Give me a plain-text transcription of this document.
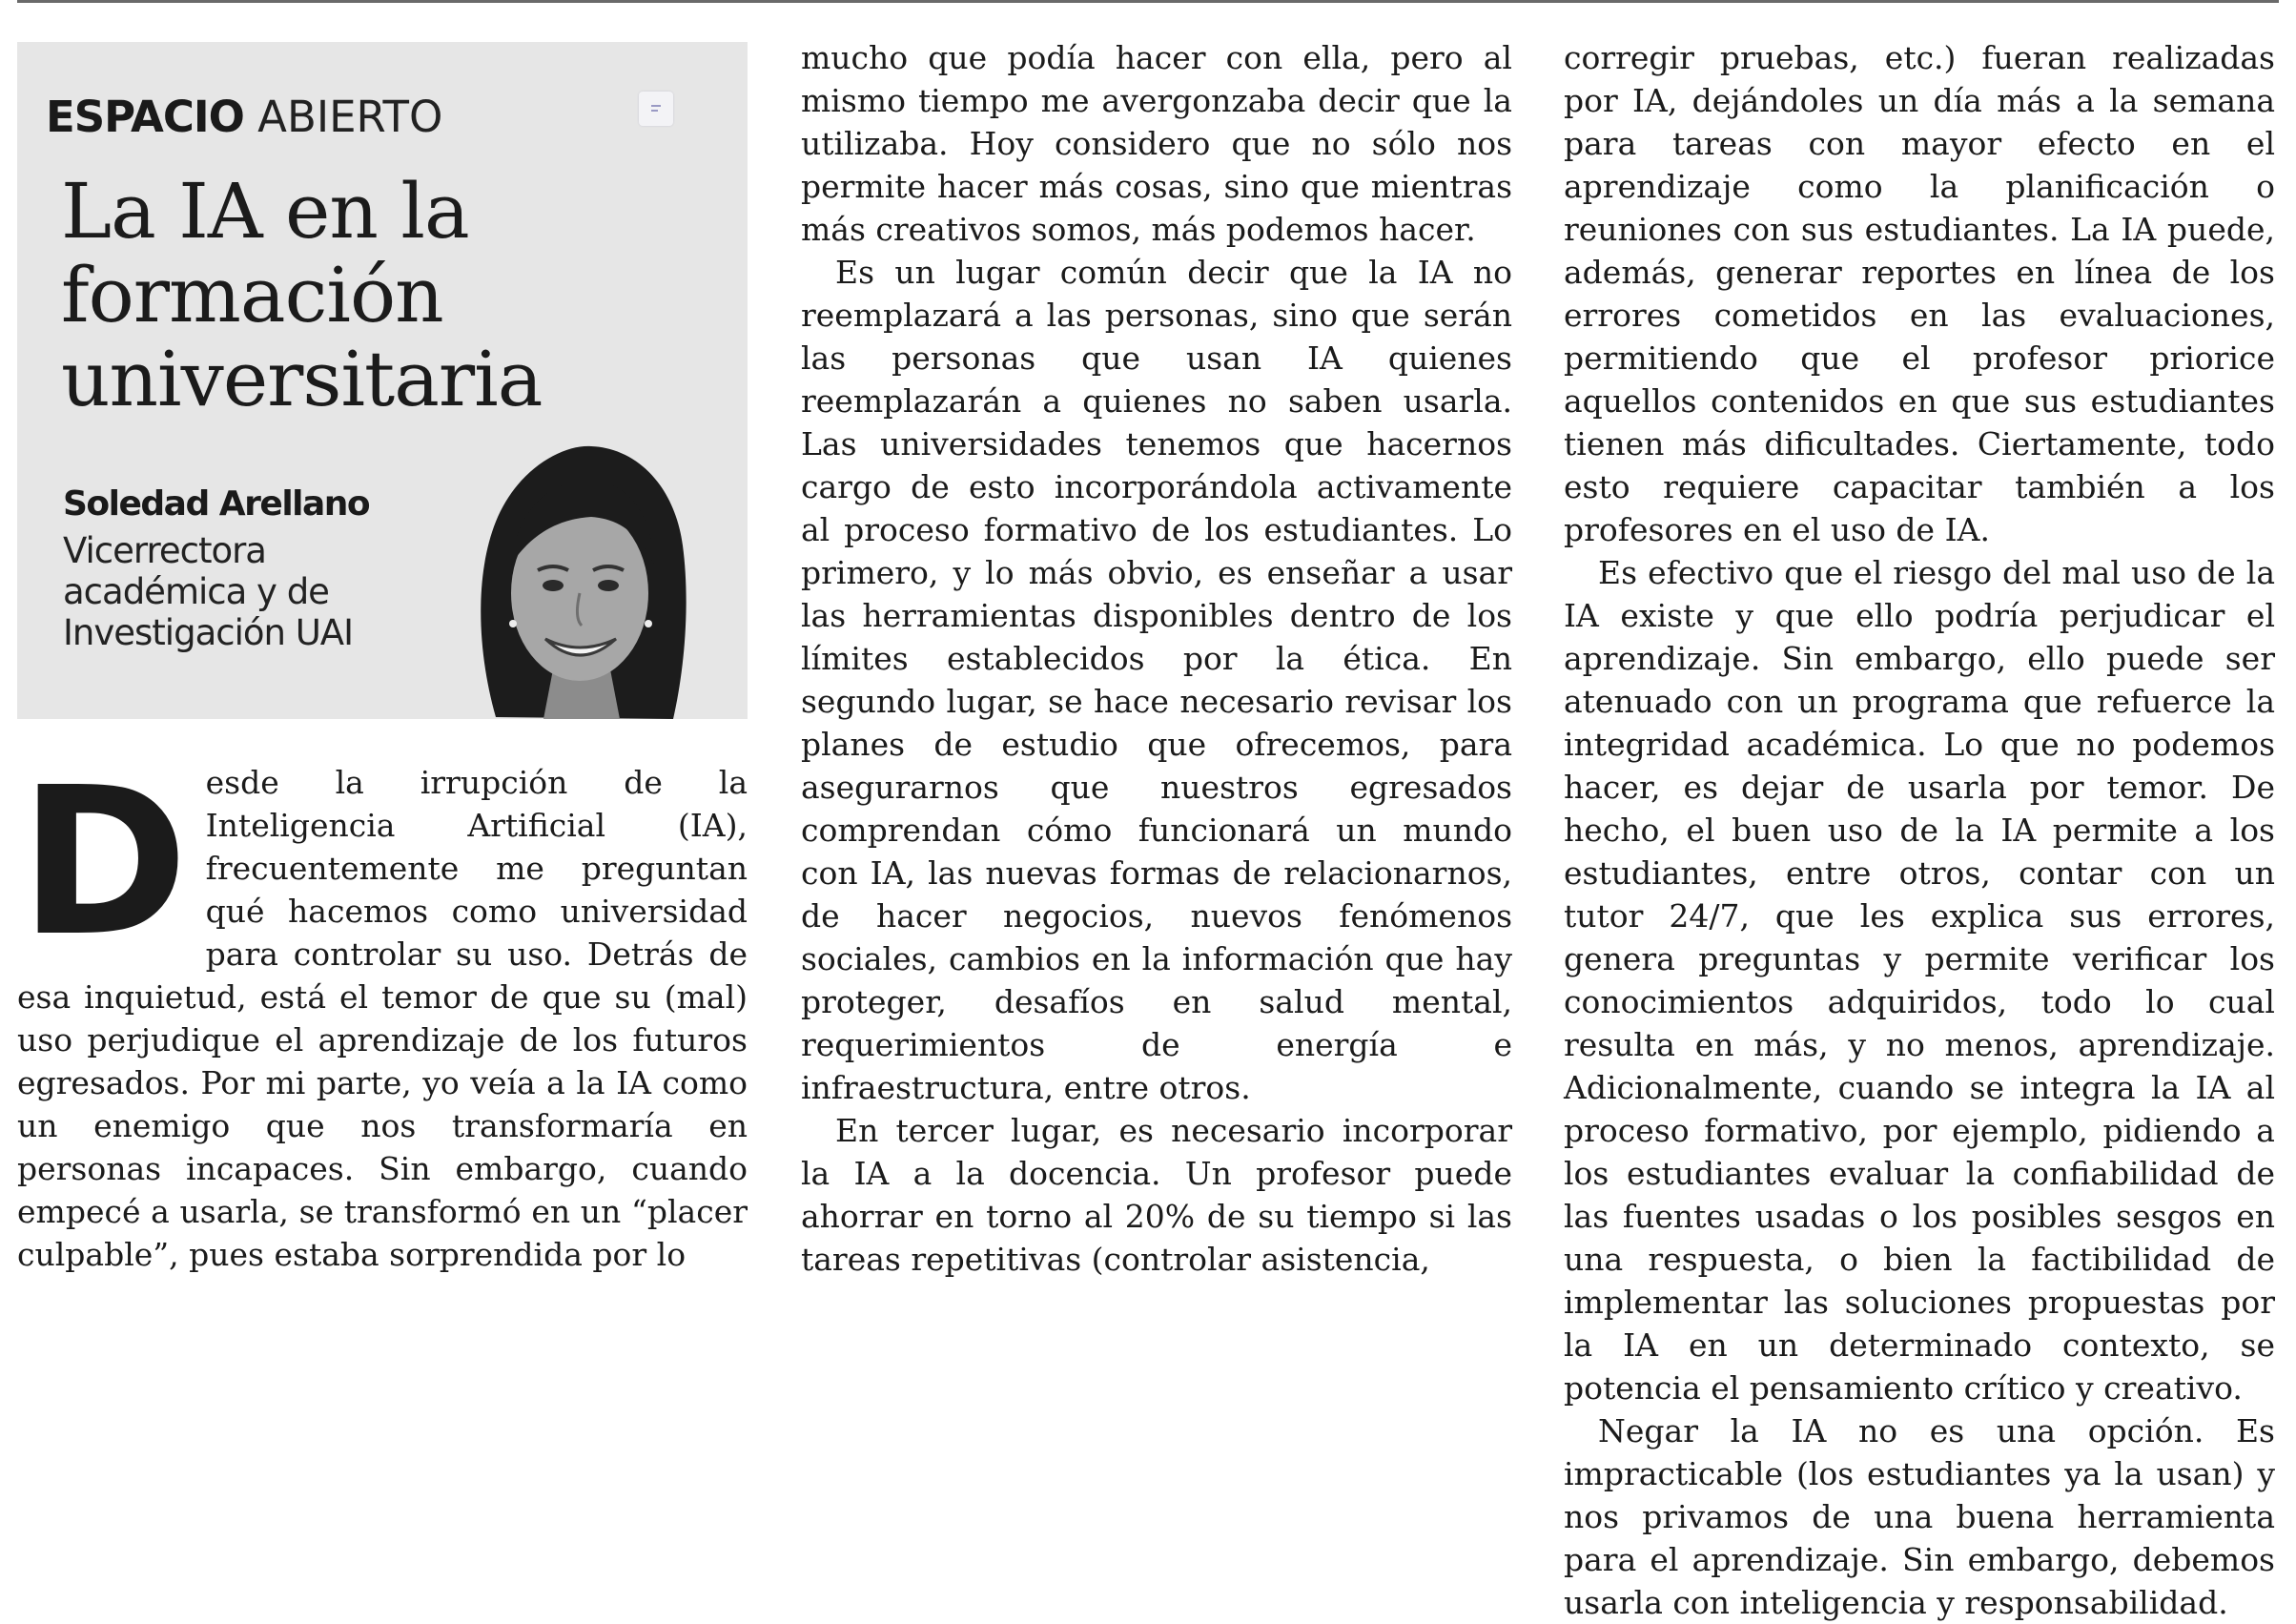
ESPACIO ABIERTO
La IA en la
formación
universitaria
Soledad Arellano
Vicerrectora
académica y de
Investigación UAI

Desde la irrupción de la Inteligencia Artificial (IA), frecuentemente me preguntan qué hacemos como universidad para controlar su uso. Detrás de esa inquietud, está el temor de que su (mal) uso perjudique el aprendizaje de los futuros egresados. Por mi parte, yo veía a la IA como un enemigo que nos transformaría en personas incapaces. Sin embargo, cuando empecé a usarla, se transformó en un “placer culpable”, pues estaba sorprendida por lo

mucho que podía hacer con ella, pero al mismo tiempo me avergonzaba decir que la utilizaba. Hoy considero que no sólo nos permite hacer más cosas, sino que mientras más creativos somos, más podemos hacer.

Es un lugar común decir que la IA no reemplazará a las personas, sino que serán las personas que usan IA quienes reemplazarán a quienes no saben usarla. Las universidades tenemos que hacernos cargo de esto incorporándola activamente al proceso formativo de los estudiantes. Lo primero, y lo más obvio, es enseñar a usar las herramientas disponibles dentro de los límites establecidos por la ética. En segundo lugar, se hace necesario revisar los planes de estudio que ofrecemos, para asegurarnos que nuestros egresados comprendan cómo funcionará un mundo con IA, las nuevas formas de relacionarnos, de hacer negocios, nuevos fenómenos sociales, cambios en la información que hay proteger, desafíos en salud mental, requerimientos de energía e infraestructura, entre otros.

En tercer lugar, es necesario incorporar la IA a la docencia. Un profesor puede ahorrar en torno al 20% de su tiempo si las tareas repetitivas (controlar asistencia,

corregir pruebas, etc.) fueran realizadas por IA, dejándoles un día más a la semana para tareas con mayor efecto en el aprendizaje como la planificación o reuniones con sus estudiantes. La IA puede, además, generar reportes en línea de los errores cometidos en las evaluaciones, permitiendo que el profesor priorice aquellos contenidos en que sus estudiantes tienen más dificultades. Ciertamente, todo esto requiere capacitar también a los profesores en el uso de IA.

Es efectivo que el riesgo del mal uso de la IA existe y que ello podría perjudicar el aprendizaje. Sin embargo, ello puede ser atenuado con un programa que refuerce la integridad académica. Lo que no podemos hacer, es dejar de usarla por temor. De hecho, el buen uso de la IA permite a los estudiantes, entre otros, contar con un tutor 24/7, que les explica sus errores, genera preguntas y permite verificar los conocimientos adquiridos, todo lo cual resulta en más, y no menos, aprendizaje. Adicionalmente, cuando se integra la IA al proceso formativo, por ejemplo, pidiendo a los estudiantes evaluar la confiabilidad de las fuentes usadas o los posibles sesgos en una respuesta, o bien la factibilidad de implementar las soluciones propuestas por la IA en un determinado contexto, se potencia el pensamiento crítico y creativo.

Negar la IA no es una opción. Es impracticable (los estudiantes ya la usan) y nos privamos de una buena herramienta para el aprendizaje. Sin embargo, debemos usarla con inteligencia y responsabilidad.
